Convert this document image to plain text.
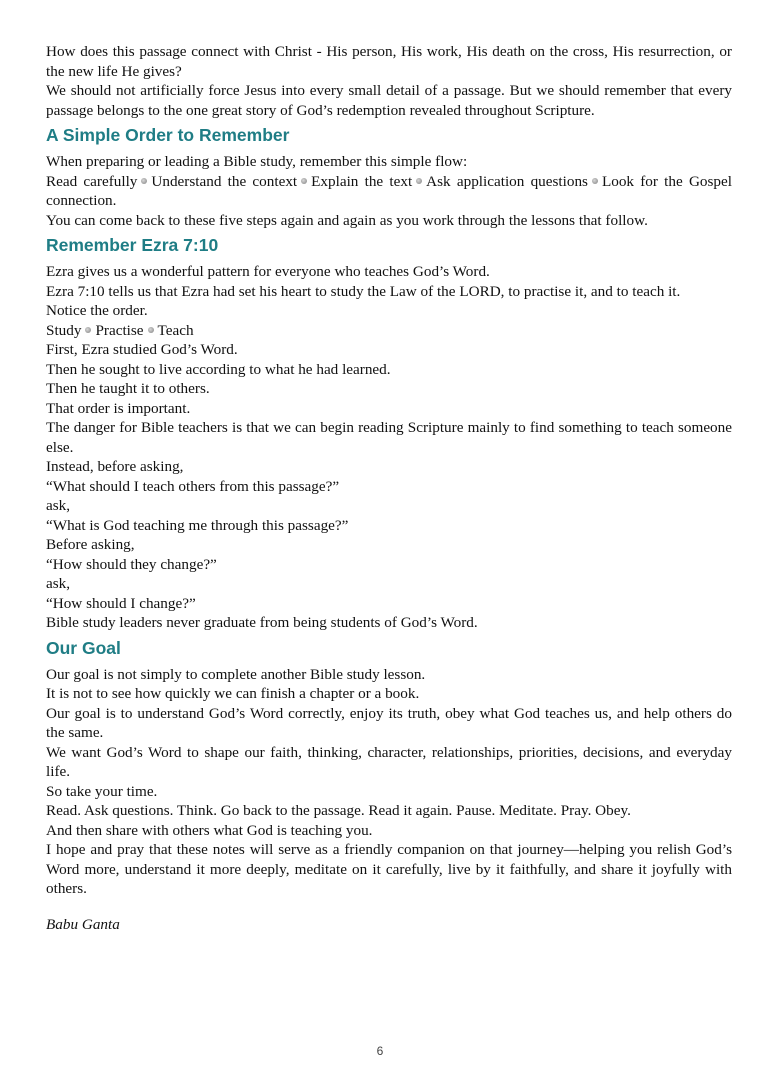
How does this passage connect with Christ - His person, His work, His death on the cross, His resurrection, or the new life He gives?

We should not artificially force Jesus into every small detail of a passage. But we should remember that every passage belongs to the one great story of God’s redemption revealed throughout Scripture.

A Simple Order to Remember

When preparing or leading a Bible study, remember this simple flow:

Read carefully Understand the context Explain the text Ask application questions Look for the Gospel connection.

You can come back to these five steps again and again as you work through the lessons that follow.

Remember Ezra 7:10

Ezra gives us a wonderful pattern for everyone who teaches God’s Word.

Ezra 7:10 tells us that Ezra had set his heart to study the Law of the LORD, to practise it, and to teach it.

Notice the order.

Study Practise Teach

First, Ezra studied God’s Word.

Then he sought to live according to what he had learned.

Then he taught it to others.

That order is important.

The danger for Bible teachers is that we can begin reading Scripture mainly to find something to teach someone else.

Instead, before asking,

“What should I teach others from this passage?”

ask,

“What is God teaching me through this passage?”

Before asking,

“How should they change?”

ask,

“How should I change?”

Bible study leaders never graduate from being students of God’s Word.

Our Goal

Our goal is not simply to complete another Bible study lesson.

It is not to see how quickly we can finish a chapter or a book.

Our goal is to understand God’s Word correctly, enjoy its truth, obey what God teaches us, and help others do the same.

We want God’s Word to shape our faith, thinking, character, relationships, priorities, decisions, and everyday life.

So take your time.

Read. Ask questions. Think. Go back to the passage. Read it again. Pause. Meditate. Pray. Obey.

And then share with others what God is teaching you.

I hope and pray that these notes will serve as a friendly companion on that journey—helping you relish God’s Word more, understand it more deeply, meditate on it carefully, live by it faithfully, and share it joyfully with others.

Babu Ganta

6
